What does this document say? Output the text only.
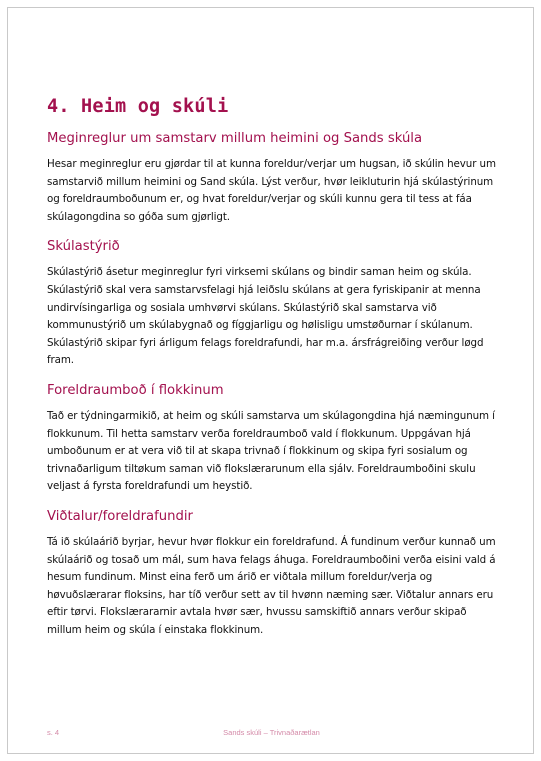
4. Heim og skúli
Meginreglur um samstarv millum heimini og Sands skúla

Hesar meginreglur eru gjørdar til at kunna foreldur/verjar um hugsan, ið skúlin hevur um samstarvið millum heimini og Sand skúla. Lýst verður, hvør leikluturin hjá skúlastýrinum og foreldraumboðunum er, og hvat foreldur/verjar og skúli kunnu gera til tess at fáa skúlagongdina so góða sum gjørligt.

Skúlastýrið

Skúlastýrið ásetur meginreglur fyri virksemi skúlans og bindir saman heim og skúla. Skúlastýrið skal vera samstarvsfelagi hjá leiðslu skúlans at gera fyriskipanir at menna undirvísingarliga og sosiala umhvørvi skúlans. Skúlastýrið skal samstarva við kommunustýrið um skúlabygnað og fíggjarligu og hølisligu umstøðurnar í skúlanum. Skúlastýrið skipar fyri árligum felags foreldrafundi, har m.a. ársfrágreiðing verður løgd fram.

Foreldraumboð í flokkinum

Tað er týdningarmikið, at heim og skúli samstarva um skúlagongdina hjá næmingunum í flokkunum. Til hetta samstarv verða foreldraumboð vald í flokkunum. Uppgávan hjá umboðunum er at vera við til at skapa trivnað í flokkinum og skipa fyri sosialum og trivnaðarligum tiltøkum saman við flokslærarunum ella sjálv. Foreldraumboðini skulu veljast á fyrsta foreldrafundi um heystið.

Viðtalur/foreldrafundir

Tá ið skúlaárið byrjar, hevur hvør flokkur ein foreldrafund. Á fundinum verður kunnað um skúlaárið og tosað um mál, sum hava felags áhuga. Foreldraumboðini verða eisini vald á hesum fundinum. Minst eina ferð um árið er viðtala millum foreldur/verja og høvuðslærarar floksins, har tíð verður sett av til hvønn næming sær. Viðtalur annars eru eftir tørvi. Flokslærararnir avtala hvør sær, hvussu samskiftið annars verður skipað millum heim og skúla í einstaka flokkinum.

Sands skúli – Trivnaðarætlan
s. 4
